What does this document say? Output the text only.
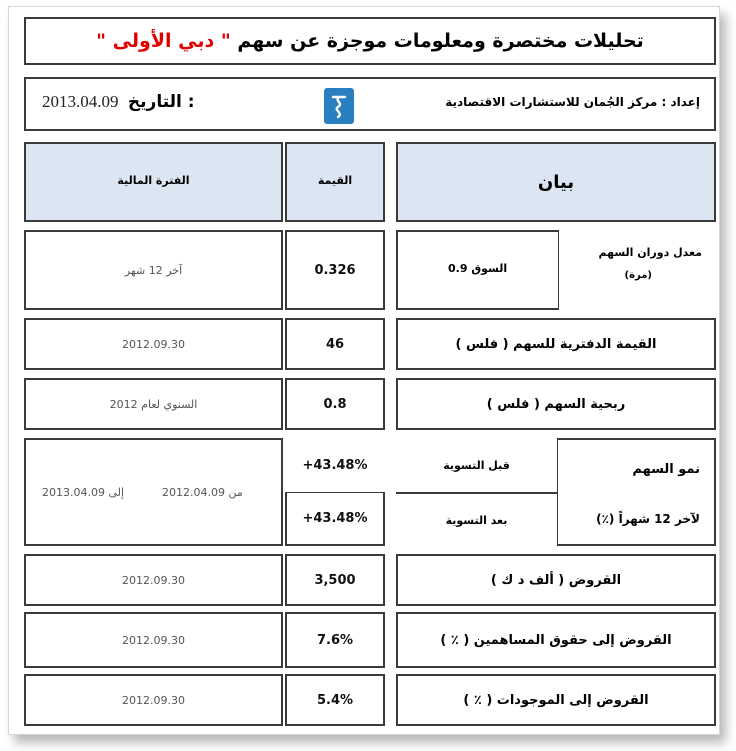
تحليلات مختصرة ومعلومات موجزة عن سهم " دبي الأولى "
إعداد : مركز الجُمان للاستشارات الاقتصادية
2013.04.09 التاريخ :
بيان
القيمة
الفترة المالية
معدل دوران السهم
(مرة)
السوق 0.9
0.326
آخر 12 شهر
القيمة الدفترية للسهم ( فلس )
46
2012.09.30
ربحية السهم ( فلس )
0.8
السنوي لعام 2012
نمو السهم
لآخر 12 شهراً (٪)
قبل التسوية
بعد التسوية
+43.48%
+43.48%
إلى 2013.04.09	من 2012.04.09
القروض ( ألف د ك )
3,500
2012.09.30
القروض إلى حقوق المساهمين ( ٪ )
7.6%
2012.09.30
القروض إلى الموجودات ( ٪ )
5.4%
2012.09.30
